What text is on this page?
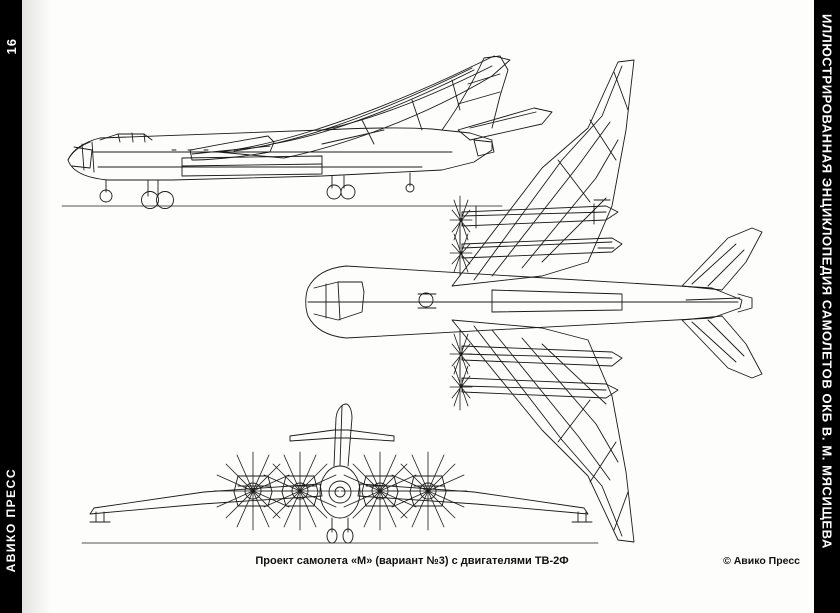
16
АВИКО ПРЕСС	ИЛЛЮСТРИРОВАННАЯ ЭНЦИКЛОПЕДИЯ САМОЛЕТОВ ОКБ В. М. МЯСИЩЕВА
Проект самолета «М» (вариант №3) с двигателями ТВ-2Ф	© Авико Пресс
